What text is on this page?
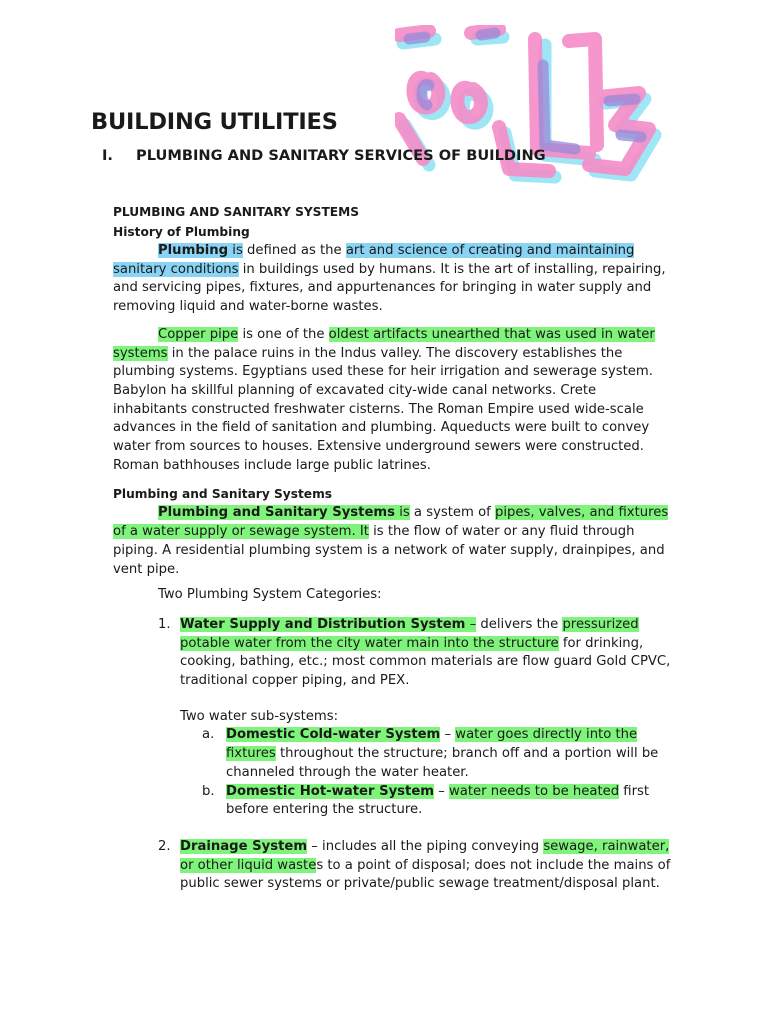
BUILDING UTILITIES
I. PLUMBING AND SANITARY SERVICES OF BUILDING

PLUMBING AND SANITARY SYSTEMS

History of Plumbing

Plumbing is defined as the art and science of creating and maintaining sanitary conditions in buildings used by humans. It is the art of installing, repairing, and servicing pipes, fixtures, and appurtenances for bringing in water supply and removing liquid and water-borne wastes.

Copper pipe is one of the oldest artifacts unearthed that was used in water systems in the palace ruins in the Indus valley. The discovery establishes the plumbing systems. Egyptians used these for heir irrigation and sewerage system. Babylon ha skillful planning of excavated city-wide canal networks. Crete inhabitants constructed freshwater cisterns. The Roman Empire used wide-scale advances in the field of sanitation and plumbing. Aqueducts were built to convey water from sources to houses. Extensive underground sewers were constructed. Roman bathhouses include large public latrines.

Plumbing and Sanitary Systems

Plumbing and Sanitary Systems is a system of pipes, valves, and fixtures of a water supply or sewage system. It is the flow of water or any fluid through piping. A residential plumbing system is a network of water supply, drainpipes, and vent pipe.

Two Plumbing System Categories:

1. Water Supply and Distribution System – delivers the pressurized potable water from the city water main into the structure for drinking, cooking, bathing, etc.; most common materials are flow guard Gold CPVC, traditional copper piping, and PEX.

Two water sub-systems:

a. Domestic Cold-water System – water goes directly into the fixtures throughout the structure; branch off and a portion will be channeled through the water heater.
b. Domestic Hot-water System – water needs to be heated first before entering the structure.
2. Drainage System – includes all the piping conveying sewage, rainwater, or other liquid wastes to a point of disposal; does not include the mains of public sewer systems or private/public sewage treatment/disposal plant.
